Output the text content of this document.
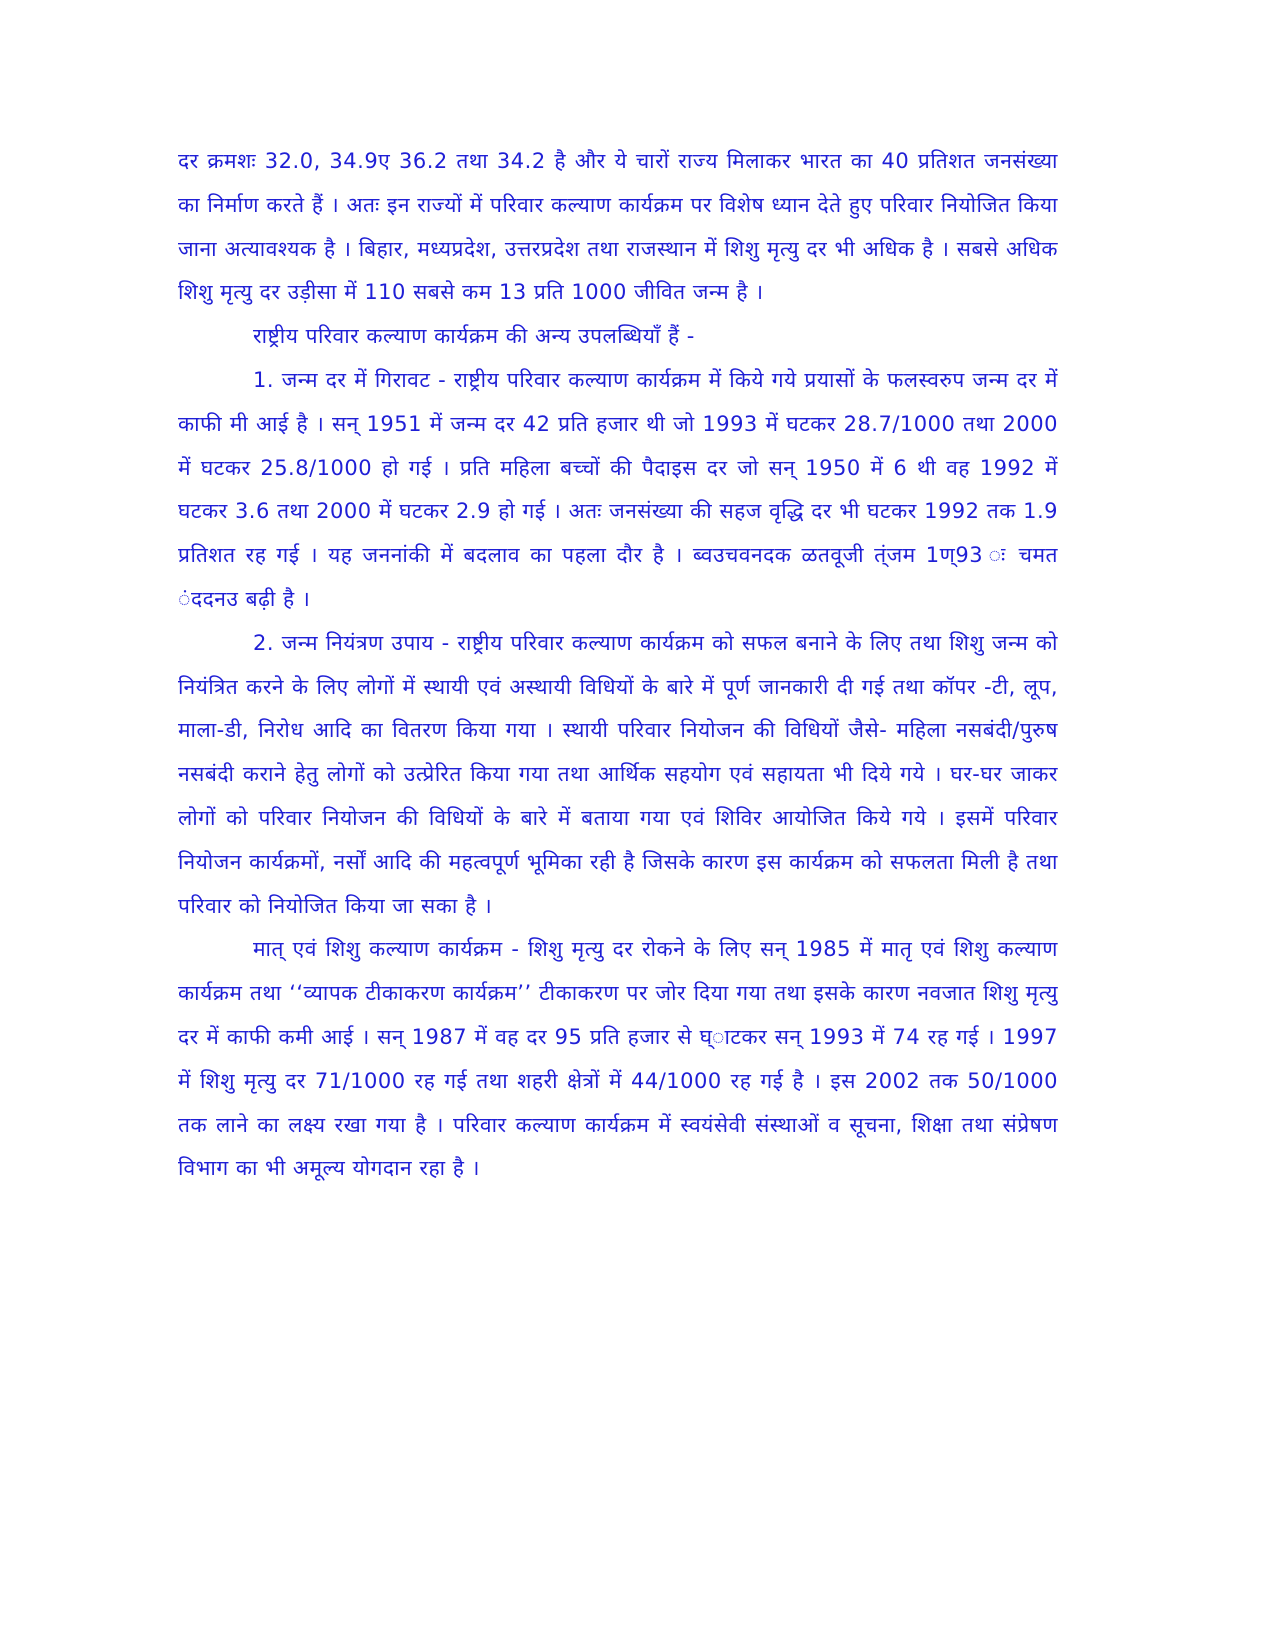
दर क्रमशः 32.0, 34.9ए 36.2 तथा 34.2 है और ये चारों राज्य मिलाकर भारत का 40 प्रतिशत जनसंख्या का निर्माण करते हैं । अतः इन राज्यों में परिवार कल्याण कार्यक्रम पर विशेष ध्यान देते हुए परिवार नियोजित किया जाना अत्यावश्यक है । बिहार, मध्यप्रदेश, उत्तरप्रदेश तथा राजस्थान में शिशु मृत्यु दर भी अधिक है । सबसे अधिक शिशु मृत्यु दर उड़ीसा में 110 सबसे कम 13 प्रति 1000 जीवित जन्म है ।

राष्ट्रीय परिवार कल्याण कार्यक्रम की अन्य उपलब्धियाँ हैं -

1. जन्म दर में गिरावट - राष्ट्रीय परिवार कल्याण कार्यक्रम में किये गये प्रयासों के फलस्वरुप जन्म दर में काफी मी आई है । सन् 1951 में जन्म दर 42 प्रति हजार थी जो 1993 में घटकर 28.7/1000 तथा 2000 में घटकर 25.8/1000 हो गई । प्रति महिला बच्चों की पैदाइस दर जो सन् 1950 में 6 थी वह 1992 में घटकर 3.6 तथा 2000 में घटकर 2.9 हो गई । अतः जनसंख्या की सहज वृद्धि दर भी घटकर 1992 तक 1.9 प्रतिशत रह गई । यह जननांकी में बदलाव का पहला दौर है । ब्वउचवनदक ळतवूजी त्ंजम 1ण्93 ः चमत ंददनउ बढ़ी है ।

2. जन्म नियंत्रण उपाय - राष्ट्रीय परिवार कल्याण कार्यक्रम को सफल बनाने के लिए तथा शिशु जन्म को नियंत्रित करने के लिए लोगों में स्थायी एवं अस्थायी विधियों के बारे में पूर्ण जानकारी दी गई तथा कॉपर -टी, लूप, माला-डी, निरोध आदि का वितरण किया गया । स्थायी परिवार नियोजन की विधियों जैसे- महिला नसबंदी/पुरुष नसबंदी कराने हेतु लोगों को उत्प्रेरित किया गया तथा आर्थिक सहयोग एवं सहायता भी दिये गये । घर-घर जाकर लोगों को परिवार नियोजन की विधियों के बारे में बताया गया एवं शिविर आयोजित किये गये । इसमें परिवार नियोजन कार्यक्रमों, नर्सों आदि की महत्वपूर्ण भूमिका रही है जिसके कारण इस कार्यक्रम को सफलता मिली है तथा परिवार को नियोजित किया जा सका है ।

मात् एवं शिशु कल्याण कार्यक्रम - शिशु मृत्यु दर रोकने के लिए सन् 1985 में मातृ एवं शिशु कल्याण कार्यक्रम तथा ‘‘व्यापक टीकाकरण कार्यक्रम’’ टीकाकरण पर जोर दिया गया तथा इसके कारण नवजात शिशु मृत्यु दर में काफी कमी आई । सन् 1987 में वह दर 95 प्रति हजार से घ्ाटकर सन् 1993 में 74 रह गई । 1997 में शिशु मृत्यु दर 71/1000 रह गई तथा शहरी क्षेत्रों में 44/1000 रह गई है । इस 2002 तक 50/1000 तक लाने का लक्ष्य रखा गया है । परिवार कल्याण कार्यक्रम में स्वयंसेवी संस्थाओं व सूचना, शिक्षा तथा संप्रेषण विभाग का भी अमूल्य योगदान रहा है ।
